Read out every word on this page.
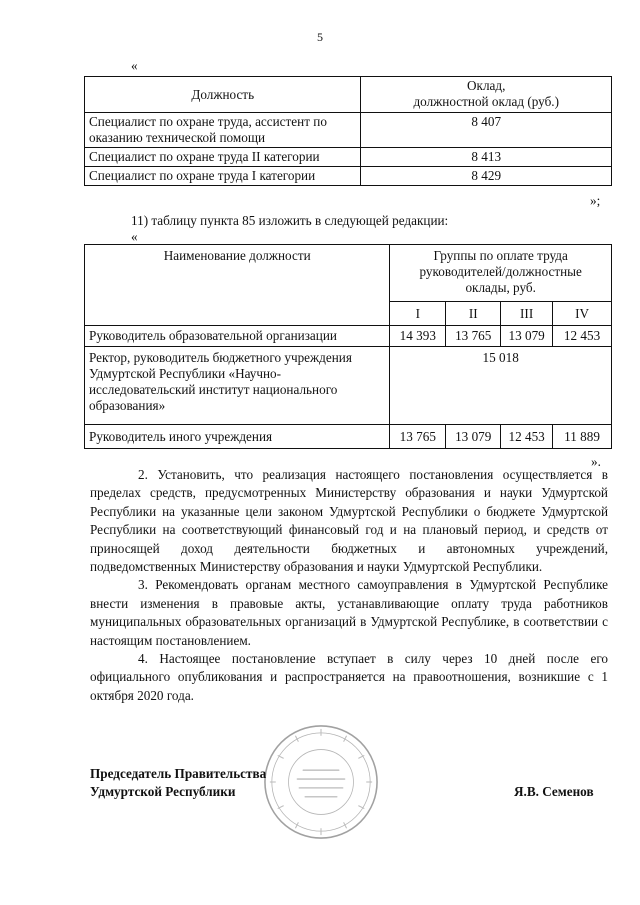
5
«
Должность	Оклад,
должностной оклад (руб.)
Специалист по охране труда, ассистент по оказанию технической помощи	8 407
Специалист по охране труда II категории	8 413
Специалист по охране труда I категории	8 429
»;
11) таблицу пункта 85 изложить в следующей редакции:
«
Наименование должности	Группы по оплате труда руководителей/должностные оклады, руб.			
	I	II	III	IV
Руководитель образовательной организации	14 393	13 765	13 079	12 453
Ректор, руководитель бюджетного учреждения Удмуртской Республики «Научно-исследовательский институт национального образования»	15 018			
Руководитель иного учреждения	13 765	13 079	12 453	11 889
».

2. Установить, что реализация настоящего постановления осуществляется в пределах средств, предусмотренных Министерству образования и науки Удмуртской Республики на указанные цели законом Удмуртской Республики о бюджете Удмуртской Республики на соответствующий финансовый год и на плановый период, и средств от приносящей доход деятельности бюджетных и автономных учреждений, подведомственных Министерству образования и науки Удмуртской Республики.

3. Рекомендовать органам местного самоуправления в Удмуртской Республике внести изменения в правовые акты, устанавливающие оплату труда работников муниципальных образовательных организаций в Удмуртской Республике, в соответствии с настоящим постановлением.

4. Настоящее постановление вступает в силу через 10 дней после его официального опубликования и распространяется на правоотношения, возникшие с 1 октября 2020 года.

Председатель Правительства
Удмуртской Республики	Я.В. Семенов
